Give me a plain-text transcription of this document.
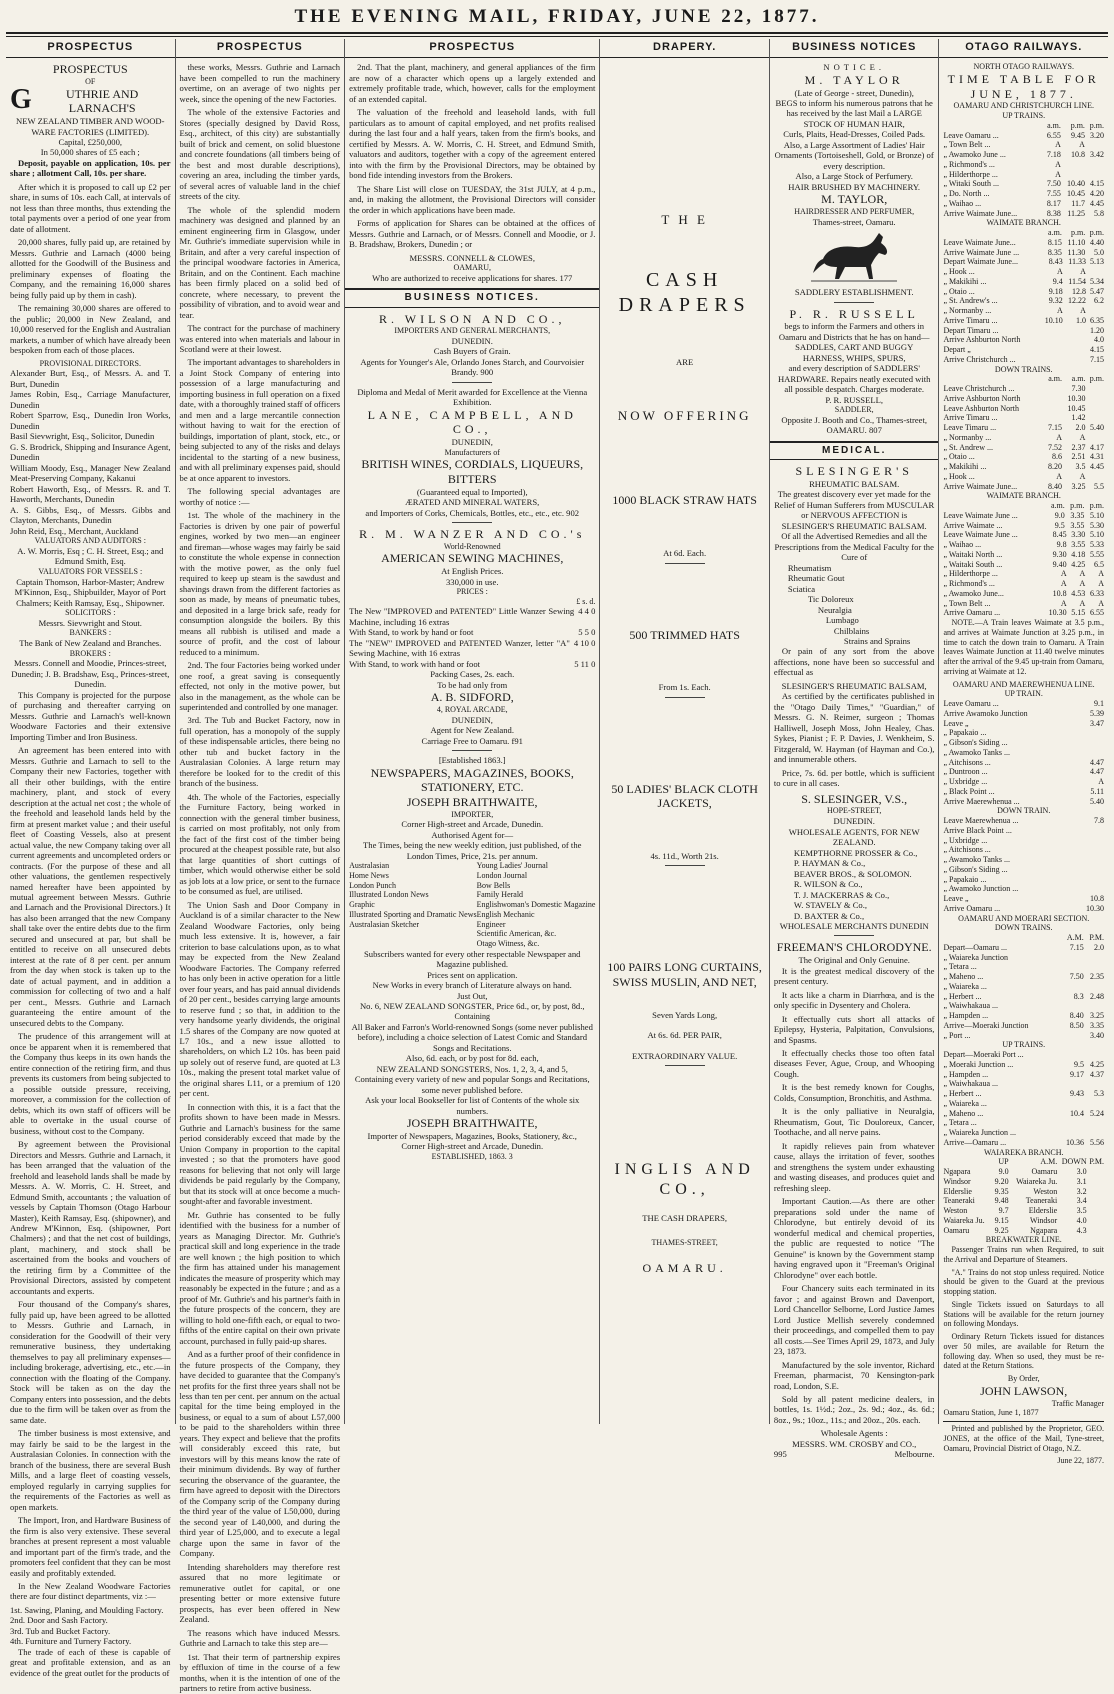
THE EVENING MAIL, FRIDAY, JUNE 22, 1877.
PROSPECTUS
PROSPECTUS
OF
G	UTHRIE AND LARNACH'S
NEW ZEALAND TIMBER AND WOOD-WARE FACTORIES (LIMITED).
Capital, £250,000,
In 50,000 shares of £5 each ;
Deposit, payable on application, 10s. per share ; allotment Call, 10s. per share.
After which it is proposed to call up £2 per share, in sums of 10s. each Call, at intervals of not less than three months, thus extending the total payments over a period of one year from date of allotment.
20,000 shares, fully paid up, are retained by Messrs. Guthrie and Larnach (4000 being allotted for the Goodwill of the Business and preliminary expenses of floating the Company, and the remaining 16,000 shares being fully paid up by them in cash).
The remaining 30,000 shares are offered to the public; 20,000 in New Zealand, and 10,000 reserved for the English and Australian markets, a number of which have already been bespoken from each of those places.
PROVISIONAL DIRECTORS.
Alexander Burt, Esq., of Messrs. A. and T. Burt, Dunedin
James Robin, Esq., Carriage Manufacturer, Dunedin
Robert Sparrow, Esq., Dunedin Iron Works, Dunedin
Basil Sievwright, Esq., Solicitor, Dunedin
G. S. Brodrick, Shipping and Insurance Agent, Dunedin
William Moody, Esq., Manager New Zealand Meat-Preserving Company, Kakanui
Robert Haworth, Esq., of Messrs. R. and T. Haworth, Merchants, Dunedin
A. S. Gibbs, Esq., of Messrs. Gibbs and Clayton, Merchants, Dunedin
John Reid, Esq., Merchant, Auckland
VALUATORS AND AUDITORS :
A. W. Morris, Esq ; C. H. Street, Esq.; and Edmund Smith, Esq.
VALUATORS FOR VESSELS :
Captain Thomson, Harbor-Master; Andrew M'Kinnon, Esq., Shipbuilder, Mayor of Port Chalmers; Keith Ramsay, Esq., Shipowner.
SOLICITORS :
Messrs. Sievwright and Stout.
BANKERS :
The Bank of New Zealand and Branches.
BROKERS :
Messrs. Connell and Moodie, Princes-street, Dunedin; J. B. Bradshaw, Esq., Princes-street, Dunedin.
This Company is projected for the purpose of purchasing and thereafter carrying on Messrs. Guthrie and Larnach's well-known Woodware Factories and their extensive Importing Timber and Iron Business.
An agreement has been entered into with Messrs. Guthrie and Larnach to sell to the Company their new Factories, together with all their other buildings, with the entire machinery, plant, and stock of every description at the actual net cost ; the whole of the freehold and leasehold lands held by the firm at present market value ; and their useful fleet of Coasting Vessels, also at present actual value, the new Company taking over all current agreements and uncompleted orders or contracts. (For the purpose of these and all other valuations, the gentlemen respectively named hereafter have been appointed by mutual agreement between Messrs. Guthrie and Larnach and the Provisional Directors.) It has also been arranged that the new Company shall take over the entire debts due to the firm secured and unsecured at par, but shall be entitled to receive on all unsecured debts interest at the rate of 8 per cent. per annum from the day when stock is taken up to the date of actual payment, and in addition a commission for collecting of two and a half per cent., Messrs. Guthrie and Larnach guaranteeing the entire amount of the unsecured debts to the Company.
The prudence of this arrangement will at once be apparent when it is remembered that the Company thus keeps in its own hands the entire connection of the retiring firm, and thus prevents its customers from being subjected to a possible outside pressure, receiving, moreover, a commission for the collection of debts, which its own staff of officers will be able to overtake in the usual course of business, without cost to the Company.
By agreement between the Provisional Directors and Messrs. Guthrie and Larnach, it has been arranged that the valuation of the freehold and leasehold lands shall be made by Messrs. A. W. Morris, C. H. Street, and Edmund Smith, accountants ; the valuation of vessels by Captain Thomson (Otago Harbour Master), Keith Ramsay, Esq. (shipowner), and Andrew M'Kinnon, Esq. (shipowner, Port Chalmers) ; and that the net cost of buildings, plant, machinery, and stock shall be ascertained from the books and vouchers of the retiring firm by a Committee of the Provisional Directors, assisted by competent accountants and experts.
Four thousand of the Company's shares, fully paid up, have been agreed to be allotted to Messrs. Guthrie and Larnach, in consideration for the Goodwill of their very remunerative business, they undertaking themselves to pay all preliminary expenses—including brokerage, advertising, etc., etc.—in connection with the floating of the Company. Stock will be taken as on the day the Company enters into possession, and the debts due to the firm will be taken over as from the same date.
The timber business is most extensive, and may fairly be said to be the largest in the Australasian Colonies. In connection with the branch of the business, there are several Bush Mills, and a large fleet of coasting vessels, employed regularly in carrying supplies for the requirements of the Factories as well as open markets.
The Import, Iron, and Hardware Business of the firm is also very extensive. These several branches at present represent a most valuable and important part of the firm's trade, and the promoters feel confident that they can be most easily and profitably extended.
In the New Zealand Woodware Factories there are four distinct departments, viz :—
1st. Sawing, Planing, and Moulding Factory.
2nd. Door and Sash Factory.
3rd. Tub and Bucket Factory.
4th. Furniture and Turnery Factory.
The trade of each of these is capable of great and profitable extension, and as an evidence of the great outlet for the products of
PROSPECTUS
these works, Messrs. Guthrie and Larnach have been compelled to run the machinery overtime, on an average of two nights per week, since the opening of the new Factories.
The whole of the extensive Factories and Stores (specially designed by David Ross, Esq., architect, of this city) are substantially built of brick and cement, on solid bluestone and concrete foundations (all timbers being of the best and most durable descriptions), covering an area, including the timber yards, of several acres of valuable land in the chief streets of the city.
The whole of the splendid modern machinery was designed and planned by an eminent engineering firm in Glasgow, under Mr. Guthrie's immediate supervision while in Britain, and after a very careful inspection of the principal woodware factories in America, Britain, and on the Continent. Each machine has been firmly placed on a solid bed of concrete, where necessary, to prevent the possibility of vibration, and to avoid wear and tear.
The contract for the purchase of machinery was entered into when materials and labour in Scotland were at their lowest.
The important advantages to shareholders in a Joint Stock Company of entering into possession of a large manufacturing and importing business in full operation on a fixed date, with a thoroughly trained staff of officers and men and a large mercantile connection without having to wait for the erection of buildings, importation of plant, stock, etc., or being subjected to any of the risks and delays incidental to the starting of a new business, and with all preliminary expenses paid, should be at once apparent to investors.
The following special advantages are worthy of notice :—
1st. The whole of the machinery in the Factories is driven by one pair of powerful engines, worked by two men—an engineer and fireman—whose wages may fairly be said to constitute the whole expense in connection with the motive power, as the only fuel required to keep up steam is the sawdust and shavings drawn from the different factories as soon as made, by means of pneumatic tubes, and deposited in a large brick safe, ready for consumption alongside the boilers. By this means all rubbish is utilised and made a source of profit, and the cost of labour reduced to a minimum.
2nd. The four Factories being worked under one roof, a great saving is consequently effected, not only in the motive power, but also in the management, as the whole can be superintended and controlled by one manager.
3rd. The Tub and Bucket Factory, now in full operation, has a monopoly of the supply of these indispensable articles, there being no other tub and bucket factory in the Australasian Colonies. A large return may therefore be looked for to the credit of this branch of the business.
4th. The whole of the Factories, especially the Furniture Factory, being worked in connection with the general timber business, is carried on most profitably, not only from the fact of the first cost of the timber being procured at the cheapest possible rate, but also that large quantities of short cuttings of timber, which would otherwise either be sold as job lots at a low price, or sent to the furnace to be consumed as fuel, are utilised.
The Union Sash and Door Company in Auckland is of a similar character to the New Zealand Woodware Factories, only being much less extensive. It is, however, a fair criterion to base calculations upon, as to what may be expected from the New Zealand Woodware Factories. The Company referred to has only been in active operation for a little over four years, and has paid annual dividends of 20 per cent., besides carrying large amounts to reserve fund ; so that, in addition to the very handsome yearly dividends, the original 1.5 shares of the Company are now quoted at L7 10s., and a new issue allotted to shareholders, on which L2 10s. has been paid up solely out of reserve fund, are quoted at L3 10s., making the present total market value of the original shares L11, or a premium of 120 per cent.
In connection with this, it is a fact that the profits shown to have been made in Messrs. Guthrie and Larnach's business for the same period considerably exceed that made by the Union Company in proportion to the capital invested ; so that the promoters have good reasons for believing that not only will large dividends be paid regularly by the Company, but that its stock will at once become a much-sought-after and favorable investment.
Mr. Guthrie has consented to be fully identified with the business for a number of years as Managing Director. Mr. Guthrie's practical skill and long experience in the trade are well known ; the high position to which the firm has attained under his management indicates the measure of prosperity which may reasonably be expected in the future ; and as a proof of Mr. Guthrie's and his partner's faith in the future prospects of the concern, they are willing to hold one-fifth each, or equal to two-fifths of the entire capital on their own private account, purchased in fully paid-up shares.
And as a further proof of their confidence in the future prospects of the Company, they have decided to guarantee that the Company's net profits for the first three years shall not be less than ten per cent. per annum on the actual capital for the time being employed in the business, or equal to a sum of about L57,000 to be paid to the shareholders within three years. They expect and believe that the profits will considerably exceed this rate, but investors will by this means know the rate of their minimum dividends. By way of further securing the observance of the guarantee, the firm have agreed to deposit with the Directors of the Company scrip of the Company during the third year of the value of L50,000, during the second year of L40,000, and during the third year of L25,000, and to execute a legal charge upon the same in favor of the Company.
Intending shareholders may therefore rest assured that no more legitimate or remunerative outlet for capital, or one presenting better or more extensive future prospects, has ever been offered in New Zealand.
The reasons which have induced Messrs. Guthrie and Larnach to take this step are—
1st. That their term of partnership expires by effluxion of time in the course of a few months, when it is the intention of one of the partners to retire from active business.
PROSPECTUS
2nd. That the plant, machinery, and general appliances of the firm are now of a character which opens up a largely extended and extremely profitable trade, which, however, calls for the employment of an extended capital.
The valuation of the freehold and leasehold lands, with full particulars as to amount of capital employed, and net profits realised during the last four and a half years, taken from the firm's books, and certified by Messrs. A. W. Morris, C. H. Street, and Edmund Smith, valuators and auditors, together with a copy of the agreement entered into with the firm by the Provisional Directors, may be obtained by bond fide intending investors from the Brokers.
The Share List will close on TUESDAY, the 31st JULY, at 4 p.m., and, in making the allotment, the Provisional Directors will consider the order in which applications have been made.
Forms of application for Shares can be obtained at the offices of Messrs. Guthrie and Larnach, or of Messrs. Connell and Moodie, or J. B. Bradshaw, Brokers, Dunedin ; or
MESSRS. CONNELL & CLOWES,
OAMARU,
Who are authorized to receive applications for shares. 177
BUSINESS NOTICES.
R. WILSON AND CO.,
IMPORTERS AND GENERAL MERCHANTS,
DUNEDIN.
Cash Buyers of Grain.
Agents for Younger's Ale, Orlando Jones Starch, and Courvoisier Brandy. 900
Diploma and Medal of Merit awarded for Excellence at the Vienna Exhibition.
LANE, CAMPBELL, AND CO.,
DUNEDIN,
Manufacturers of
BRITISH WINES, CORDIALS, LIQUEURS, BITTERS
(Guaranteed equal to Imported),
ÆRATED AND MINERAL WATERS,
and Importers of Corks, Chemicals, Bottles, etc., etc., etc. 902
R. M. WANZER AND CO.'s
World-Renowned
AMERICAN SEWING MACHINES,
At English Prices.
330,000 in use.
PRICES :
£ s. d.
The New "IMPROVED and PATENTED" Little Wanzer Sewing Machine, including 16 extras
4 4 0
With Stand, to work by hand or foot	5 5 0
The "NEW" IMPROVED and PATENTED Wanzer, letter "A" Sewing Machine, with 16 extras
4 10 0
With Stand, to work with hand or foot	5 11 0
Packing Cases, 2s. each.
To be had only from
A. B. SIDFORD,
4, ROYAL ARCADE,
DUNEDIN,
Agent for New Zealand.
Carriage Free to Oamaru. f91
[Established 1863.]
NEWSPAPERS, MAGAZINES, BOOKS, STATIONERY, ETC.
JOSEPH BRAITHWAITE,
IMPORTER,
Corner High-street and Arcade, Dunedin.
Authorised Agent for—
The Times, being the new weekly edition, just published, of the London Times, Price, 21s. per annum.
Australasian	Young Ladies' Journal
Home News	London Journal
London Punch	Bow Bells
Illustrated London News	Family Herald
Graphic	Englishwoman's Domestic Magazine
Illustrated Sporting and Dramatic News	English Mechanic
Australasian Sketcher	Engineer
	Scientific American, &c.
	Otago Witness, &c.
Subscribers wanted for every other respectable Newspaper and Magazine published.
Prices sent on application.
New Works in every branch of Literature always on hand.
Just Out,
No. 6, NEW ZEALAND SONGSTER, Price 6d., or, by post, 8d.,
Containing
All Baker and Farron's World-renowned Songs (some never published before), including a choice selection of Latest Comic and Standard Songs and Recitations.
Also, 6d. each, or by post for 8d. each,
NEW ZEALAND SONGSTERS, Nos. 1, 2, 3, 4, and 5,
Containing every variety of new and popular Songs and Recitations, some never published before.
Ask your local Bookseller for list of Contents of the whole six numbers.
JOSEPH BRAITHWAITE,
Importer of Newspapers, Magazines, Books, Stationery, &c.,
Corner High-street and Arcade, Dunedin.
ESTABLISHED, 1863. 3
DRAPERY.
T H E
CASH DRAPERS
ARE
NOW OFFERING
1000 BLACK STRAW HATS
At 6d. Each.
500 TRIMMED HATS
From 1s. Each.
50 LADIES' BLACK CLOTH JACKETS,
4s. 11d., Worth 21s.
100 PAIRS LONG CURTAINS, SWISS MUSLIN, AND NET,
Seven Yards Long,
At 6s. 6d. PER PAIR,
EXTRAORDINARY VALUE.
INGLIS AND CO.,
THE CASH DRAPERS,
THAMES-STREET,
OAMARU.
BUSINESS NOTICES
NOTICE.
M. TAYLOR
(Late of George - street, Dunedin),
BEGS to inform his numerous patrons that he has received by the last Mail a LARGE STOCK OF HUMAN HAIR,
Curls, Plaits, Head-Dresses, Coiled Pads.
Also, a Large Assortment of Ladies' Hair Ornaments (Tortoiseshell, Gold, or Bronze) of every description.
Also, a Large Stock of Perfumery.
HAIR BRUSHED BY MACHINERY.
M. TAYLOR,
HAIRDRESSER AND PERFUMER,
Thames-street, Oamaru.
SADDLERY ESTABLISHMENT.
P. R. RUSSELL
begs to inform the Farmers and others in Oamaru and Districts that he has on hand—
SADDLES, CART AND BUGGY HARNESS, WHIPS, SPURS,
and every description of SADDLERS' HARDWARE. Repairs neatly executed with all possible despatch. Charges moderate.
P. R. RUSSELL,
SADDLER,
Opposite J. Booth and Co., Thames-street, OAMARU. 807
MEDICAL.
SLESINGER'S
RHEUMATIC BALSAM.
The greatest discovery ever yet made for the Relief of Human Sufferers from MUSCULAR or NERVOUS AFFECTION is
SLESINGER'S RHEUMATIC BALSAM.
Of all the Advertised Remedies and all the Prescriptions from the Medical Faculty for the Cure of
Rheumatism
Rheumatic Gout
Sciatica
Tic Doloreux
Neuralgia
Lumbago
Chilblains
Strains and Sprains
Or pain of any sort from the above affections, none have been so successful and effectual as
SLESINGER'S RHEUMATIC BALSAM,
As certified by the certificates published in the "Otago Daily Times," "Guardian," of Messrs. G. N. Reimer, surgeon ; Thomas Halliwell, Joseph Moss, John Healey, Chas. Sykes, Pianist ; F. P. Davies, J. Wenkheim, S. Fitzgerald, W. Hayman (of Hayman and Co.), and innumerable others.
Price, 7s. 6d. per bottle, which is sufficient to cure in all cases.
S. SLESINGER, V.S.,
HOPE-STREET,
DUNEDIN.
WHOLESALE AGENTS, FOR NEW ZEALAND.
KEMPTHORNE PROSSER & Co.,
P. HAYMAN & Co.,
BEAVER BROS., & SOLOMON.
R. WILSON & Co.,
T. J. MACKERRAS & Co.,
W. STAVELY & Co.,
D. BAXTER & Co.,
WHOLESALE MERCHANTS DUNEDIN
FREEMAN'S CHLORODYNE.
The Original and Only Genuine.
It is the greatest medical discovery of the present century.
It acts like a charm in Diarrhœa, and is the only specific in Dysentery and Cholera.
It effectually cuts short all attacks of Epilepsy, Hysteria, Palpitation, Convulsions, and Spasms.
It effectually checks those too often fatal diseases Fever, Ague, Croup, and Whooping Cough.
It is the best remedy known for Coughs, Colds, Consumption, Bronchitis, and Asthma.
It is the only palliative in Neuralgia, Rheumatism, Gout, Tic Douloreux, Cancer, Toothache, and all nerve pains.
It rapidly relieves pain from whatever cause, allays the irritation of fever, soothes and strengthens the system under exhausting and wasting diseases, and produces quiet and refreshing sleep.
Important Caution.—As there are other preparations sold under the name of Chlorodyne, but entirely devoid of its wonderful medical and chemical properties, the public are requested to notice "The Genuine" is known by the Government stamp having engraved upon it "Freeman's Original Chlorodyne" over each bottle.
Four Chancery suits each terminated in its favor ; and against Brown and Davenport, Lord Chancellor Selborne, Lord Justice James Lord Justice Mellish severely condemned their proceedings, and compelled them to pay all costs.—See Times April 29, 1873, and July 23, 1873.
Manufactured by the sole inventor, Richard Freeman, pharmacist, 70 Kensington-park road, London, S.E.
Sold by all patent medicine dealers, in bottles, 1s. 1½d.; 2oz., 2s. 9d.; 4oz., 4s. 6d.; 8oz., 9s.; 10oz., 11s.; and 20oz., 20s. each.
Wholesale Agents :
MESSRS. WM. CROSBY and CO.,
995	Melbourne.
OTAGO RAILWAYS.
NORTH OTAGO RAILWAYS.
TIME TABLE FOR JUNE, 1877.
OAMARU AND CHRISTCHURCH LINE.
UP TRAINS.
	a.m.	p.m.	p.m.
Leave Oamaru ...	6.55	9.45	3.20
„ Town Belt ...	A	A	
„ Awamoko June ...	7.18	10.8	3.42
„ Richmond's ...	A		
„ Hilderthorpe ...	A		
„ Witaki South ...	7.50	10.40	4.15
„ Do. North ...	7.55	10.45	4.20
„ Waihao ...	8.17	11.7	4.45
Arrive Waimate June...	8.38	11.25	5.8
WAIMATE BRANCH.
	a.m.	p.m.	p.m.
Leave Waimate June...	8.15	11.10	4.40
Arrive Waimate June ...	8.35	11.30	5.0
Depart Waimate June...	8.43	11.33	5.13
„ Hook ...	A	A	
„ Makikihi ...	9.4	11.54	5.34
„ Otaio ...	9.18	12.8	5.47
„ St. Andrew's ...	9.32	12.22	6.2
„ Normanby ...	A	A	
Arrive Timaru ...	10.10	1.0	6.35
Depart Timaru ...		1.20	
Arrive Ashburton North		4.0	
Depart „		4.15	
Arrive Christchurch ...		7.15	
DOWN TRAINS.
	a.m.	a.m.	p.m.
Leave Christchurch ...		7.30	
Arrive Ashburton North		10.30	
Leave Ashburton North		10.45	
Arrive Timaru ...		1.42	
Leave Timaru ...	7.15	2.0	5.40
„ Normanby ...	A	A	
„ St. Andrew ...	7.52	2.37	4.17
„ Otaio ...	8.6	2.51	4.31
„ Makikihi ...	8.20	3.5	4.45
„ Hook ...	A	A	
Arrive Waimate June...	8.40	3.25	5.5
WAIMATE BRANCH.
	a.m.	p.m.	p.m.
Leave Waimate June ...	9.0	3.35	5.10
Arrive Waimate ...	9.5	3.55	5.30
Leave Waimate June ...	8.45	3.30	5.10
„ Waihao ...	9.8	3.55	5.33
„ Waitaki North ...	9.30	4.18	5.55
„ Waitaki South ...	9.40	4.25	6.5
„ Hilderthorpe ...	A	A	A
„ Richmond's ...	A	A	A
„ Awamoko June...	10.8	4.53	6.33
„ Town Belt ...	A	A	A
Arrive Oamaru ...	10.30	5.15	6.55
NOTE.—A Train leaves Waimate at 3.5 p.m., and arrives at Waimate Junction at 3.25 p.m., in time to catch the down train to Oamaru. A Train leaves Waimate Junction at 11.40 twelve minutes after the arrival of the 9.45 up-train from Oamaru, arriving at Waimate at 12.
OAMARU AND MAEREWHENUA LINE.
UP TRAIN.
Leave Oamaru ...	9.1
Arrive Awamoko Junction	5.39
Leave „	3.47
„ Papakaio ...	
„ Gibson's Siding ...	
„ Awamoko Tanks ...	
„ Aitchisons ...	4.47
„ Duntroon ...	4.47
„ Uxbridge ...	A
„ Black Point ...	5.11
Arrive Maerewhenua ...	5.40
DOWN TRAIN.
Leave Maerewhenua ...	7.8
Arrive Black Point ...	
„ Uxbridge ...	
„ Aitchisons ...	
„ Awamoko Tanks ...	
„ Gibson's Siding ...	
„ Papakaio ...	
„ Awamoko Junction ...	
Leave „	10.8
Arrive Oamaru ...	10.30
OAMARU AND MOERARI SECTION.
DOWN TRAINS.
	A.M.	P.M.
Depart—Oamaru ...	7.15	2.0
„ Waiareka Junction		
„ Tetara ...		
„ Maheno ...	7.50	2.35
„ Waiareka ...		
„ Herbert ...	8.3	2.48
„ Waiwhakaua ...		
„ Hampden ...	8.40	3.25
Arrive—Moeraki Junction	8.50	3.35
„ Port ...		3.40
UP TRAINS.
Depart—Moeraki Port ...		
„ Moeraki Junction ...	9.5	4.25
„ Hampden ...	9.17	4.37
„ Waiwhakaua ...		
„ Herbert ...	9.43	5.3
„ Waiareka ...		
„ Maheno ...	10.4	5.24
„ Tetara ...		
„ Waiareka Junction ...		
Arrive—Oamaru ...	10.36	5.56
WAIAREKA BRANCH.
	UP	A.M.	DOWN	P.M.
Ngapara	9.0	Oamaru	3.0	
Windsor	9.20	Waiareka Ju.	3.1	
Elderslie	9.35	Weston	3.2	
Teaneraki	9.48	Teaneraki	3.4	
Weston	9.7	Elderslie	3.5	
Waiareka Ju.	9.15	Windsor	4.0	
Oamaru	9.25	Ngapara	4.3	
BREAKWATER LINE.
Passenger Trains run when Required, to suit the Arrival and Departure of Steamers.
"A." Trains do not stop unless required. Notice should be given to the Guard at the previous stopping station.
Single Tickets issued on Saturdays to all Stations will be available for the return journey on following Mondays.
Ordinary Return Tickets issued for distances over 50 miles, are available for Return the following day. When so used, they must be re-dated at the Return Stations.
By Order,
JOHN LAWSON,
Traffic Manager
Oamaru Station, June 1, 1877
Printed and published by the Proprietor, GEO. JONES, at the office of the Mail, Tyne-street, Oamaru, Provincial District of Otago, N.Z.
June 22, 1877.
